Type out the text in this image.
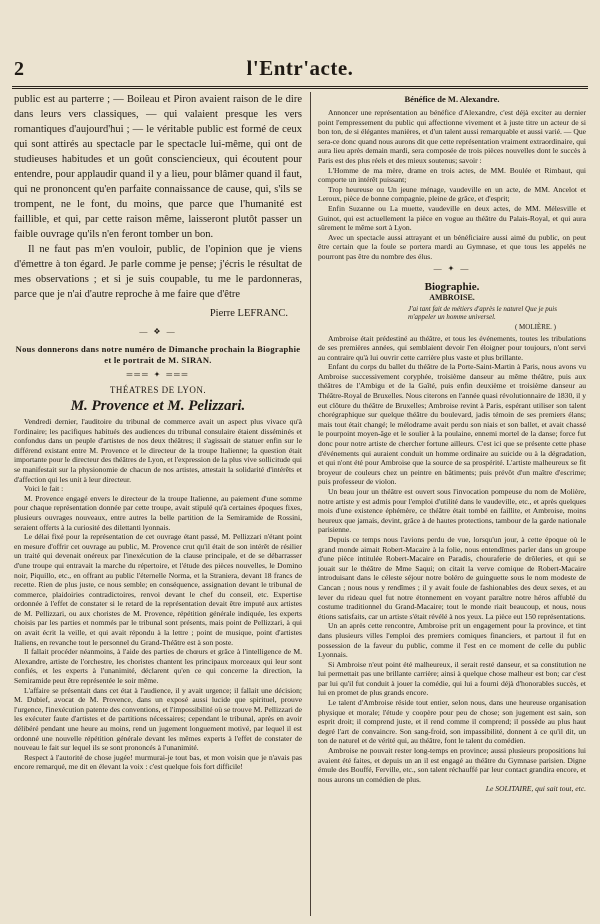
2	l'Entr'acte.

public est au parterre ; — Boileau et Piron avaient raison de le dire dans leurs vers classiques, — qui valaient presque les vers romantiques d'aujourd'hui ; — le véritable public est formé de ceux qui sont attirés au spectacle par le spectacle lui-même, qui ont de studieuses habitudes et un goût consciencieux, qui écoutent pour entendre, pour applaudir quand il y a lieu, pour blâmer quand il faut, qui ne prononcent qu'en parfaite connaissance de cause, qui, s'ils se trompent, ne le font, du moins, que parce que l'humanité est faillible, et qui, par cette raison même, laisseront plutôt passer un faible ouvrage qu'ils n'en feront tomber un bon.

Il ne faut pas m'en vouloir, public, de l'opinion que je viens d'émettre à ton égard. Je parle comme je pense; j'écris le résultat de mes observations ; et si je suis coupable, tu me le pardonneras, parce que je n'ai d'autre reproche à me faire que d'être

Pierre LEFRANC.
— ❖ —
Nous donnerons dans notre numéro de Dimanche prochain la Biographie et le portrait de M. SIRAN.
═══ ✦ ═══
THÉATRES DE LYON.
M. Provence et M. Pelizzari.

Vendredi dernier, l'auditoire du tribunal de commerce avait un aspect plus vivace qu'à l'ordinaire; les pacifiques habitués des audiences du tribunal consulaire étaient disséminés et confondus dans un peuple d'artistes de nos deux théâtres; il s'agissait de statuer enfin sur le différend existant entre M. Provence et le directeur de la troupe Italienne; la question était importante pour le directeur des théâtres de Lyon, et l'expression de la plus vive sollicitude qui se manifestait sur la physionomie de chacun de nos artistes, attestait la solidarité d'intérêts et d'affection qui les unit à leur directeur.

Voici le fait :

M. Provence engagé envers le directeur de la troupe Italienne, au paiement d'une somme pour chaque représentation donnée par cette troupe, avait stipulé qu'à certaines époques fixes, plusieurs ouvrages nouveaux, entre autres la belle partition de la Semiramide de Rossini, seraient offerts à la curiosité des dilettanti lyonnais.

Le délai fixé pour la représentation de cet ouvrage étant passé, M. Pellizzari n'étant point en mesure d'offrir cet ouvrage au public, M. Provence crut qu'il était de son intérêt de résilier un traité qui devenait onéreux par l'inexécution de la clause principale, et de se débarrasser d'une troupe qui entravait la marche du répertoire, et l'étude des pièces nouvelles, le Domino noir, Piquillo, etc., en offrant au public l'éternelle Norma, et la Straniera, devant 18 francs de recette. Rien de plus juste, ce nous semble; en conséquence, assignation devant le tribunal de commerce, plaidoiries contradictoires, renvoi devant le chef du conseil, etc. Expertise ordonnée à l'effet de constater si le retard de la représentation devait être imputé aux artistes de M. Pellizzari, ou aux choristes de M. Provence, répétition générale indiquée, les experts choisis par les parties et nommés par le tribunal sont présents, mais point de Pellizzari, à qui on avait écrit la veille, et qui avait répondu à la lettre ; point de musique, point d'artistes Italiens, en revanche tout le personnel du Grand-Théâtre est à son poste.

Il fallait procéder néanmoins, à l'aide des parties de chœurs et grâce à l'intelligence de M. Alexandre, artiste de l'orchestre, les choristes chantent les principaux morceaux qui leur sont confiés, et les experts à l'unanimité, déclarent qu'en ce qui concerne la direction, la Semiramide peut être représentée le soir même.

L'affaire se présentait dans cet état à l'audience, il y avait urgence; il fallait une décision; M. Dubief, avocat de M. Provence, dans un exposé aussi lucide que spirituel, prouve l'urgence, l'inexécution patente des conventions, et l'impossibilité où se trouve M. Pellizzari de les exécuter faute d'artistes et de partitions nécessaires; cependant le tribunal, après en avoir délibéré pendant une heure au moins, rend un jugement longuement motivé, par lequel il est ordonné une nouvelle répétition générale devant les mêmes experts à l'effet de constater de nouveau le fait sur lequel ils se sont prononcés à l'unanimité.

Respect à l'autorité de chose jugée! murmurai-je tout bas, et mon voisin que je n'avais pas encore remarqué, me dit en élevant la voix : c'est quelque fois fort difficile!

Bénéfice de M. Alexandre.

Annoncer une représentation au bénéfice d'Alexandre, c'est déjà exciter au dernier point l'empressement du public qui affectionne vivement et à juste titre un acteur de si bon ton, de si élégantes manières, et d'un talent aussi remarquable et aussi varié. — Que sera-ce donc quand nous aurons dit que cette représentation vraiment extraordinaire, qui aura lieu après demain mardi, sera composée de trois pièces nouvelles dont le succès à Paris est des plus réels et des mieux soutenus; savoir :

L'Homme de ma mère, drame en trois actes, de MM. Boulée et Rimbaut, qui comporte un intérêt puissant;

Trop heureuse ou Un jeune ménage, vaudeville en un acte, de MM. Ancelot et Leroux, pièce de bonne compagnie, pleine de grâce, et d'esprit;

Enfin Suzanne ou La muette, vaudeville en deux actes, de MM. Mélesville et Guinot, qui est actuellement la pièce en vogue au théâtre du Palais-Royal, et qui aura sûrement le même sort à Lyon.

Avec un spectacle aussi attrayant et un bénéficiaire aussi aimé du public, on peut être certain que la foule se portera mardi au Gymnase, et que tous les appelés ne pourront pas être du nombre des élus.

— ✦ —
Biographie.
AMBROISE.
J'ai tant fait de métiers d'après le naturel Que je puis m'appeler un homme universel.
( MOLIÈRE. )

Ambroise était prédestiné au théâtre, et tous les événements, toutes les tribulations de ses premières années, qui semblaient devoir l'en éloigner pour toujours, n'ont servi au contraire qu'à lui ouvrir cette carrière plus vaste et plus brillante.

Enfant du corps du ballet du théâtre de la Porte-Saint-Martin à Paris, nous avons vu Ambroise successivement coryphée, troisième danseur au même théâtre, puis aux théâtres de l'Ambigu et de la Gaîté, puis enfin deuxième et troisième danseur au Théâtre-Royal de Bruxelles. Nous citerons en l'année quasi révolutionnaire de 1830, il y eut clôture du théâtre de Bruxelles; Ambroise revint à Paris, espérant utiliser son talent chorégraphique sur quelque théâtre du boulevard, jadis témoin de ses premiers élans; mais tout était changé; le mélodrame avait perdu son niais et son ballet, et avait chassé le pourpoint moyen-âge et le soulier à la poulaine, ennemi mortel de la danse; force fut donc pour notre artiste de chercher fortune ailleurs. C'est ici que se présente cette phase d'événements qui auraient conduit un homme ordinaire au suicide ou à la dégradation, et qui n'ont été pour Ambroise que la source de sa prospérité. L'artiste malheureux se fit broyeur de couleurs chez un peintre en bâtiments; puis prévôt d'un maître d'escrime; puis professeur de violon.

Un beau jour un théâtre est ouvert sous l'invocation pompeuse du nom de Molière, notre artiste y est admis pour l'emploi d'utilité dans le vaudeville, etc., et après quelques mois d'une existence éphémère, ce théâtre était tombé en faillite, et Ambroise, moins heureux que jamais, devint, grâce à de hautes protections, tambour de la garde nationale parisienne.

Depuis ce temps nous l'avions perdu de vue, lorsqu'un jour, à cette époque où le grand monde aimait Robert-Macaire à la folie, nous entendîmes parler dans un groupe d'une pièce intitulée Robert-Macaire en Paradis, chouraferie de drôleries, et qui se jouait sur le théâtre de Mme Saqui; on citait la verve comique de Robert-Macaire introduisant dans le céleste séjour notre boléro de guinguette sous le nom modeste de Cancan ; nous nous y rendîmes ; il y avait foule de fashionables des deux sexes, et au lever du rideau quel fut notre étonnement en voyant paraître notre héros affublé du costume traditionnel du Grand-Macaire; tout le monde riait beaucoup, et nous, nous étions satisfaits, car un artiste s'était révélé à nos yeux. La pièce eut 150 représentations.

Un an après cette rencontre, Ambroise prit un engagement pour la province, et tint dans plusieurs villes l'emploi des premiers comiques financiers, et partout il fut en possession de la faveur du public, comme il l'est en ce moment de celle du public Lyonnais.

Si Ambroise n'eut point été malheureux, il serait resté danseur, et sa constitution ne lui permettait pas une brillante carrière; ainsi à quelque chose malheur est bon; car c'est par lui qu'il fut conduit à jouer la comédie, qui lui a fourni déjà d'honorables succès, et lui en promet de plus grands encore.

Le talent d'Ambroise réside tout entier, selon nous, dans une heureuse organisation physique et morale; l'étude y coopère pour peu de chose; son jugement est sain, son esprit droit; il comprend juste, et il rend comme il comprend; il possède au plus haut degré l'art de convaincre. Son sang-froid, son impassibilité, donnent à ce qu'il dit, un ton de naturel et de vérité qui, au théâtre, font le talent du comédien.

Ambroise ne pouvait rester long-temps en province; aussi plusieurs propositions lui avaient été faites, et depuis un an il est engagé au théâtre du Gymnase parisien. Digne émule des Bouffé, Ferville, etc., son talent réchauffé par leur contact grandira encore, et nous aurons un comédien de plus.

Le SOLITAIRE, qui sait tout, etc.
